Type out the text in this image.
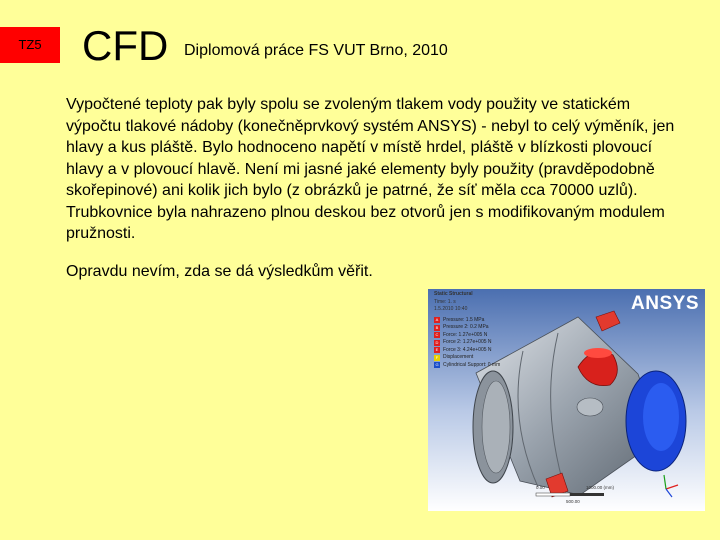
TZ5 CFD Diplomová práce FS VUT Brno, 2010

Vypočtené teploty pak byly spolu se zvoleným tlakem vody použity ve statickém výpočtu tlakové nádoby (konečněprvkový systém ANSYS) - nebyl to celý výměník, jen hlavy a kus pláště. Bylo hodnoceno napětí v místě hrdel, pláště v blízkosti plovoucí hlavy a v plovoucí hlavě. Není mi jasné jaké elementy byly použity (pravděpodobně skořepinové) ani kolik jich bylo (z obrázků je patrné, že síť měla cca 70000 uzlů). Trubkovnice byla nahrazeno plnou deskou bez otvorů jen s modifikovaným modulem pružnosti.

Opravdu nevím, zda se dá výsledkům věřit.

ANSYS
Static Structural
Time: 1. s
1.5.2010 10:40
A Pressure: 1.5 MPa
B Pressure 2: 0.2 MPa
C Force: 1.27e+005 N
D Force 2: 1.27e+005 N
E Force 3: 4.24e+005 N
F Displacement
G Cylindrical Support: 0 mm
0.00	1000.00 (mm)
500.00
